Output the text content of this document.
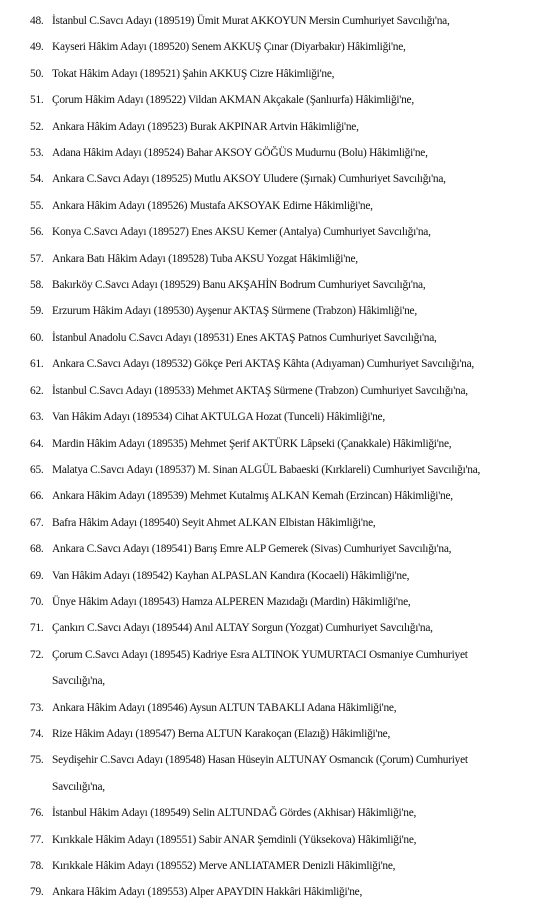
48. İstanbul C.Savcı Adayı (189519) Ümit Murat AKKOYUN Mersin Cumhuriyet Savcılığı'na,
49. Kayseri Hâkim Adayı (189520) Senem AKKUŞ Çınar (Diyarbakır) Hâkimliği'ne,
50. Tokat Hâkim Adayı (189521) Şahin AKKUŞ Cizre Hâkimliği'ne,
51. Çorum Hâkim Adayı (189522) Vildan AKMAN Akçakale (Şanlıurfa) Hâkimliği'ne,
52. Ankara Hâkim Adayı (189523) Burak AKPINAR Artvin Hâkimliği'ne,
53. Adana Hâkim Adayı (189524) Bahar AKSOY GÖĞÜS Mudurnu (Bolu) Hâkimliği'ne,
54. Ankara C.Savcı Adayı (189525) Mutlu AKSOY Uludere (Şırnak) Cumhuriyet Savcılığı'na,
55. Ankara Hâkim Adayı (189526) Mustafa AKSOYAK Edirne Hâkimliği'ne,
56. Konya C.Savcı Adayı (189527) Enes AKSU Kemer (Antalya) Cumhuriyet Savcılığı'na,
57. Ankara Batı Hâkim Adayı (189528) Tuba AKSU Yozgat Hâkimliği'ne,
58. Bakırköy C.Savcı Adayı (189529) Banu AKŞAHİN Bodrum Cumhuriyet Savcılığı'na,
59. Erzurum Hâkim Adayı (189530) Ayşenur AKTAŞ Sürmene (Trabzon) Hâkimliği'ne,
60. İstanbul Anadolu C.Savcı Adayı (189531) Enes AKTAŞ Patnos Cumhuriyet Savcılığı'na,
61. Ankara C.Savcı Adayı (189532) Gökçe Peri AKTAŞ Kâhta (Adıyaman) Cumhuriyet Savcılığı'na,
62. İstanbul C.Savcı Adayı (189533) Mehmet AKTAŞ Sürmene (Trabzon) Cumhuriyet Savcılığı'na,
63. Van Hâkim Adayı (189534) Cihat AKTULGA Hozat (Tunceli) Hâkimliği'ne,
64. Mardin Hâkim Adayı (189535) Mehmet Şerif AKTÜRK Lâpseki (Çanakkale) Hâkimliği'ne,
65. Malatya C.Savcı Adayı (189537) M. Sinan ALGÜL Babaeski (Kırklareli) Cumhuriyet Savcılığı'na,
66. Ankara Hâkim Adayı (189539) Mehmet Kutalmış ALKAN Kemah (Erzincan) Hâkimliği'ne,
67. Bafra Hâkim Adayı (189540) Seyit Ahmet ALKAN Elbistan Hâkimliği'ne,
68. Ankara C.Savcı Adayı (189541) Barış Emre ALP Gemerek (Sivas) Cumhuriyet Savcılığı'na,
69. Van Hâkim Adayı (189542) Kayhan ALPASLAN Kandıra (Kocaeli) Hâkimliği'ne,
70. Ünye Hâkim Adayı (189543) Hamza ALPEREN Mazıdağı (Mardin) Hâkimliği'ne,
71. Çankırı C.Savcı Adayı (189544) Anıl ALTAY Sorgun (Yozgat) Cumhuriyet Savcılığı'na,
72. Çorum C.Savcı Adayı (189545) Kadriye Esra ALTINOK YUMURTACI Osmaniye Cumhuriyet Savcılığı'na,
73. Ankara Hâkim Adayı (189546) Aysun ALTUN TABAKLI Adana Hâkimliği'ne,
74. Rize Hâkim Adayı (189547) Berna ALTUN Karakoçan (Elazığ) Hâkimliği'ne,
75. Seydişehir C.Savcı Adayı (189548) Hasan Hüseyin ALTUNAY Osmancık (Çorum) Cumhuriyet Savcılığı'na,
76. İstanbul Hâkim Adayı (189549) Selin ALTUNDAĞ Gördes (Akhisar) Hâkimliği'ne,
77. Kırıkkale Hâkim Adayı (189551) Sabir ANAR Şemdinli (Yüksekova) Hâkimliği'ne,
78. Kırıkkale Hâkim Adayı (189552) Merve ANLIATAMER Denizli Hâkimliği'ne,
79. Ankara Hâkim Adayı (189553) Alper APAYDIN Hakkâri Hâkimliği'ne,
